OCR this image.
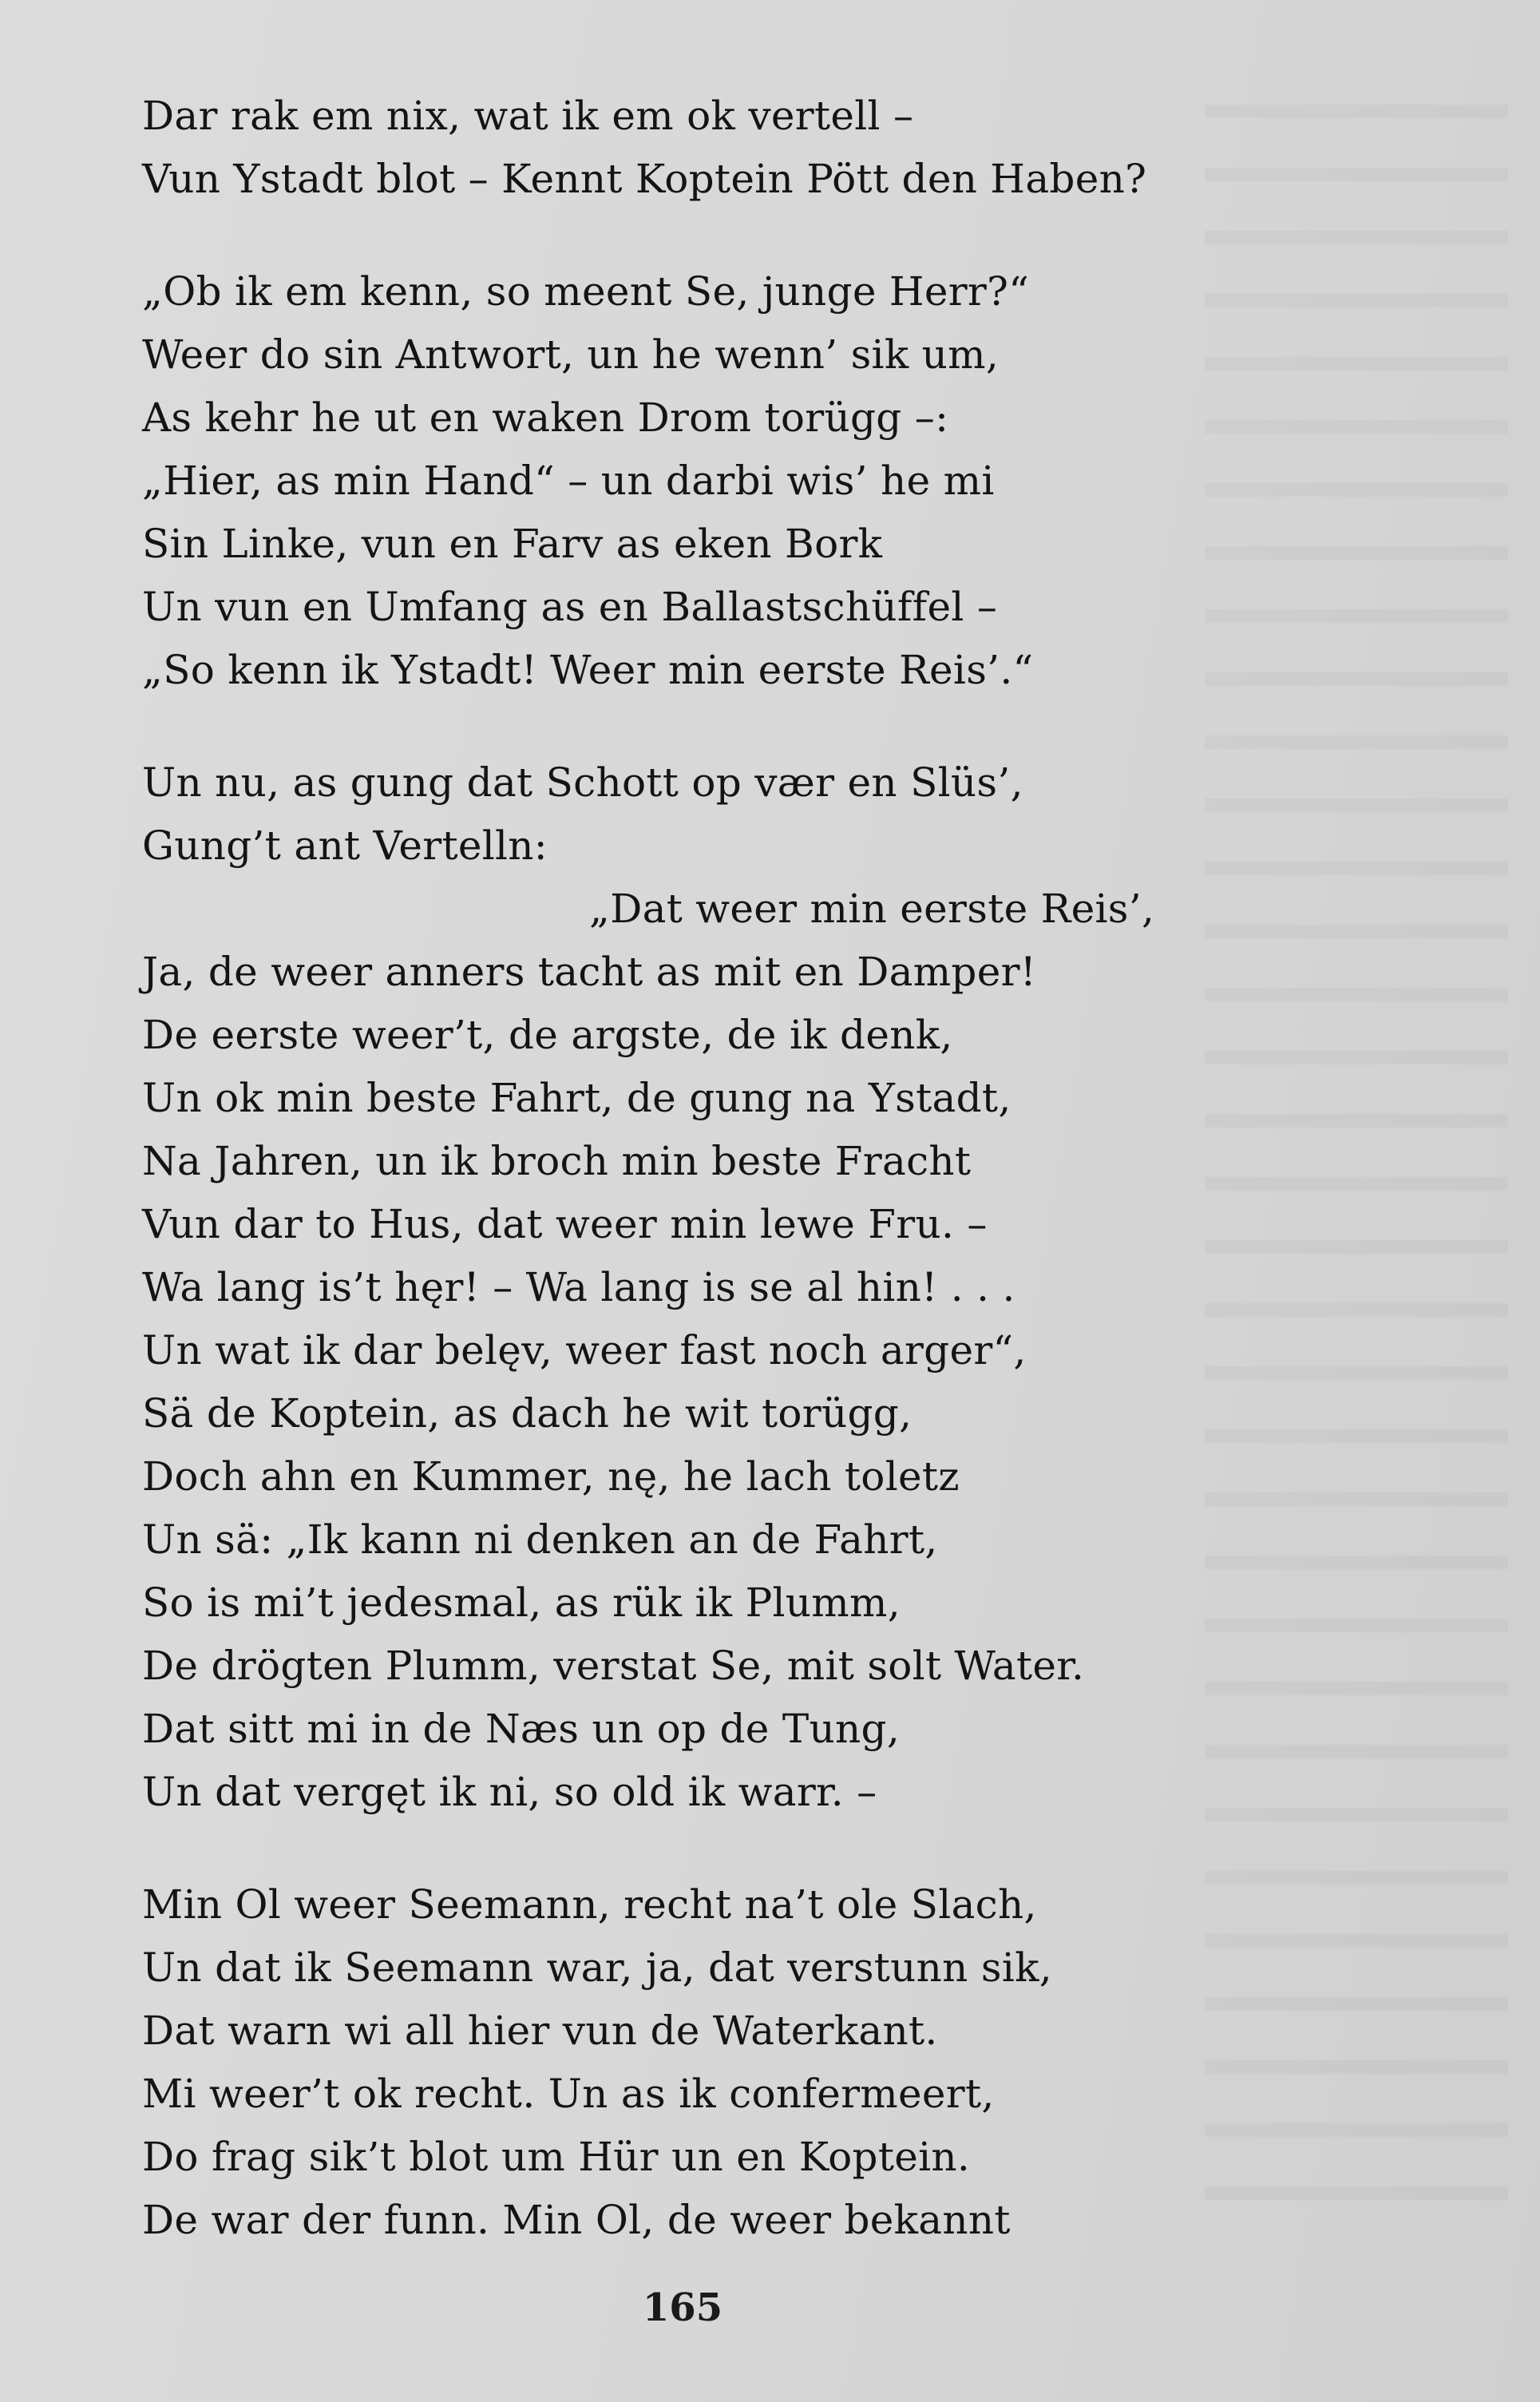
Dar rak em nix, wat ik em ok vertell –
Vun Ystadt blot – Kennt Koptein Pött den Haben?
„Ob ik em kenn, so meent Se, junge Herr?“
Weer do sin Antwort, un he wenn’ sik um,
As kehr he ut en waken Drom torügg –:
„Hier, as min Hand“ – un darbi wis’ he mi
Sin Linke, vun en Farv as eken Bork
Un vun en Umfang as en Ballastschüffel –
„So kenn ik Ystadt! Weer min eerste Reis’.“
Un nu, as gung dat Schott op vær en Slüs’,
Gung’t ant Vertelln:
„Dat weer min eerste Reis’,
Ja, de weer anners tacht as mit en Damper!
De eerste weer’t, de argste, de ik denk,
Un ok min beste Fahrt, de gung na Ystadt,
Na Jahren, un ik broch min beste Fracht
Vun dar to Hus, dat weer min lewe Fru. –
Wa lang is’t hęr! – Wa lang is se al hin! . . .
Un wat ik dar belęv, weer fast noch arger“,
Sä de Koptein, as dach he wit torügg,
Doch ahn en Kummer, nę, he lach toletz
Un sä: „Ik kann ni denken an de Fahrt,
So is mi’t jedesmal, as rük ik Plumm,
De drögten Plumm, verstat Se, mit solt Water.
Dat sitt mi in de Næs un op de Tung,
Un dat vergęt ik ni, so old ik warr. –
Min Ol weer Seemann, recht na’t ole Slach,
Un dat ik Seemann war, ja, dat verstunn sik,
Dat warn wi all hier vun de Waterkant.
Mi weer’t ok recht. Un as ik confermeert,
Do frag sik’t blot um Hür un en Koptein.
De war der funn. Min Ol, de weer bekannt
165
